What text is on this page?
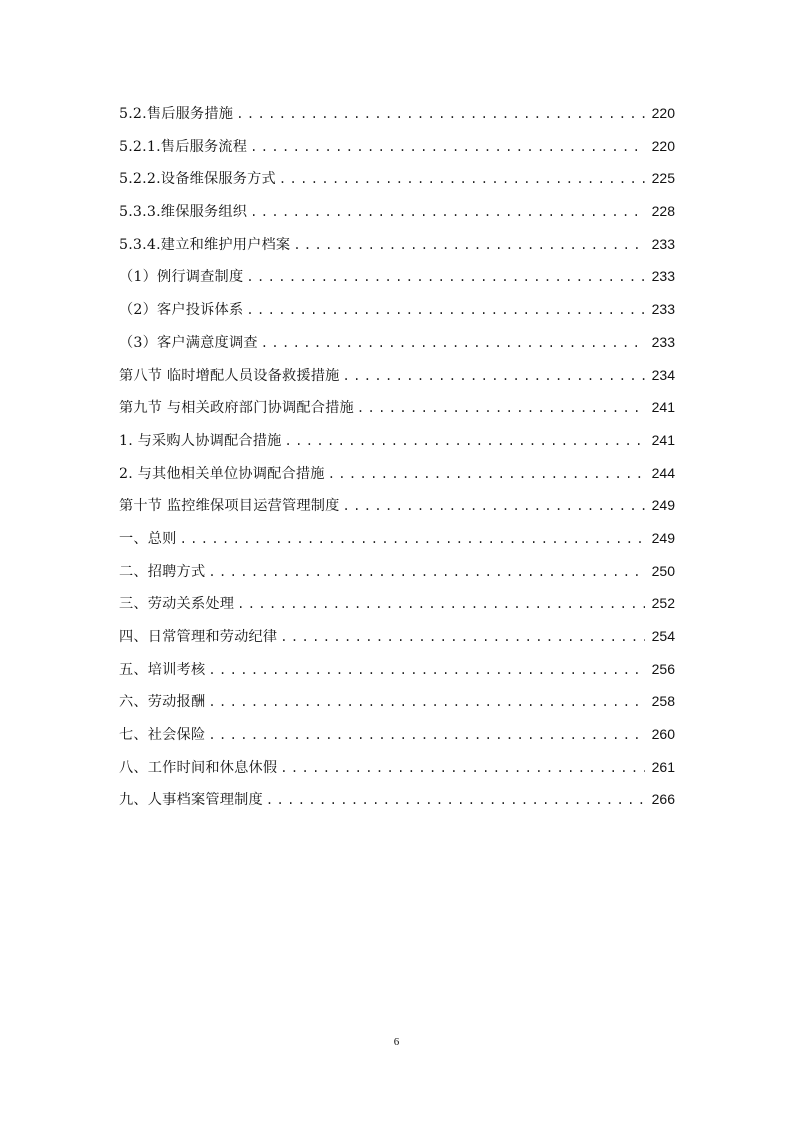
5.2.售后服务措施 .....	220
5.2.1.售后服务流程 .....	220
5.2.2.设备维保服务方式 .....	225
5.3.3.维保服务组织 .....	228
5.3.4.建立和维护用户档案 .....	233
（1）例行调查制度 .....	233
（2）客户投诉体系 .....	233
（3）客户满意度调查 .....	233
第八节 临时增配人员设备救援措施 .....	234
第九节 与相关政府部门协调配合措施 .....	241
1. 与采购人协调配合措施 .....	241
2. 与其他相关单位协调配合措施 .....	244
第十节 监控维保项目运营管理制度 .....	249
一、总则 .....	249
二、招聘方式 .....	250
三、劳动关系处理 .....	252
四、日常管理和劳动纪律 .....	254
五、培训考核 .....	256
六、劳动报酬 .....	258
七、社会保险 .....	260
八、工作时间和休息休假 .....	261
九、人事档案管理制度 .....	266
6
